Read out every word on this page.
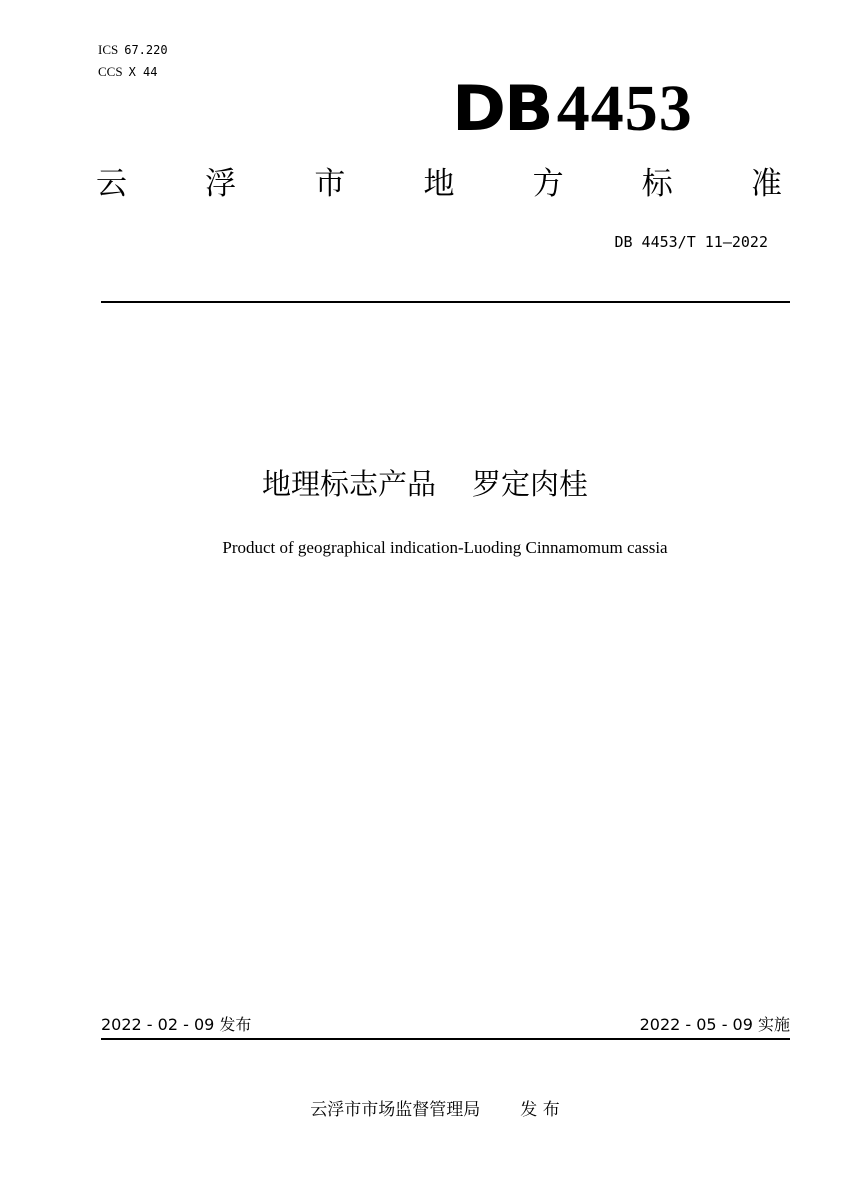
ICS 67.220
CCS X 44	DB 4453
云	浮	市	地	方	标	准
DB 4453/T 11—2022
地理标志产品 罗定肉桂
Product of geographical indication-Luoding Cinnamomum cassia
2022 - 02 - 09 发布	2022 - 05 - 09 实施
云浮市市场监督管理局 发 布
